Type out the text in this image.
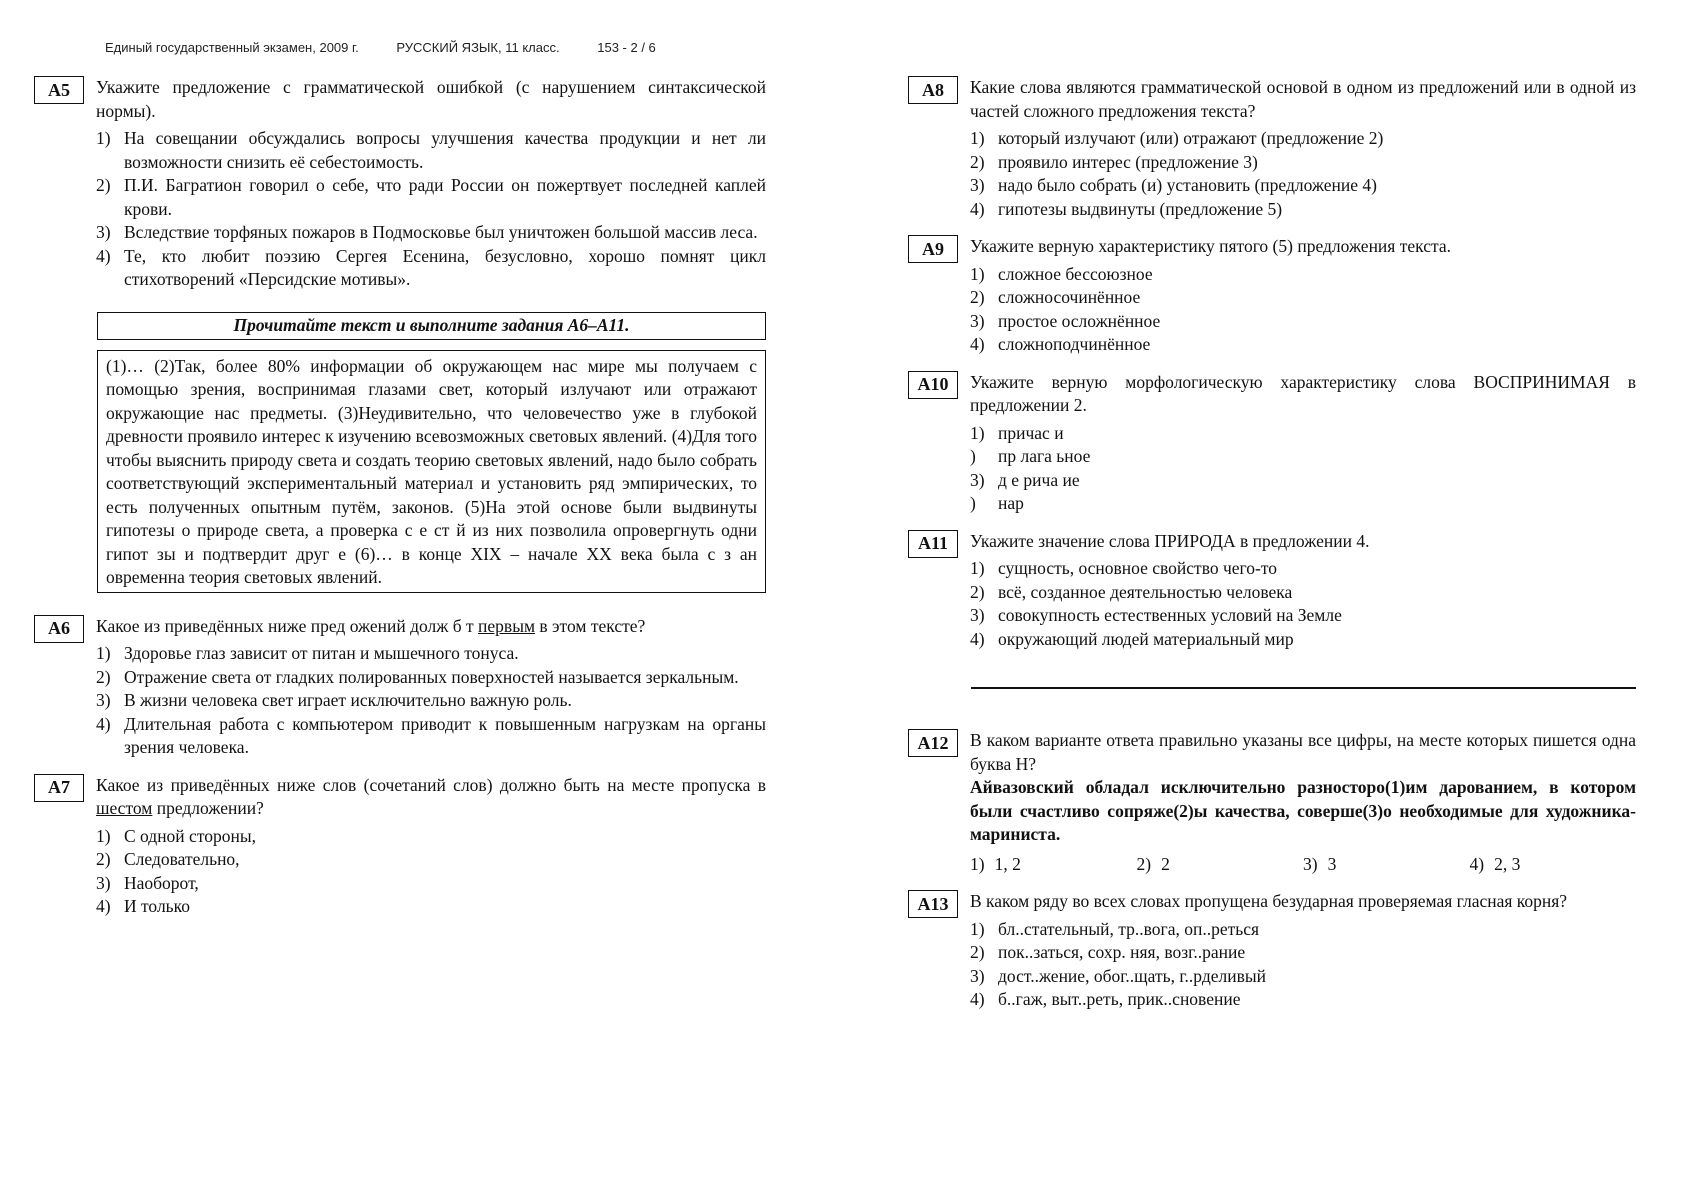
Единый государственный экзамен, 2009 г.	РУССКИЙ ЯЗЫК, 11 класс.	153 - 2 / 6
А5	Укажите предложение с грамматической ошибкой (с нарушением синтаксической нормы).
1) На совещании обсуждались вопросы улучшения качества продукции и нет ли возможности снизить её себестоимость.
2) П.И. Багратион говорил о себе, что ради России он пожертвует последней каплей крови.
3) Вследствие торфяных пожаров в Подмосковье был уничтожен большой массив леса.
4) Те, кто любит поэзию Сергея Есенина, безусловно, хорошо помнят цикл стихотворений «Персидские мотивы».
Прочитайте текст и выполните задания А6–А11.
(1)… (2)Так, более 80% информации об окружающем нас мире мы получаем с помощью зрения, воспринимая глазами свет, который излучают или отражают окружающие нас предметы. (3)Неудивительно, что человечество уже в глубокой древности проявило интерес к изучению всевозможных световых явлений. (4)Для того чтобы выяснить природу света и создать теорию световых явлений, надо было собрать соответствующий экспериментальный материал и установить ряд эмпирических, то есть полученных опытным путём, законов. (5)На этой основе были выдвинуты гипотезы о природе света, а проверка с е ст й из них позволила опровергнуть одни гипот зы и подтвердит друг е (6)… в конце XIX – начале XX века была с з ан овременна теория световых явлений.
А6	Какое из приведённых ниже пред ожений долж б т первым в этом тексте?
1) Здоровье глаз зависит от питан и мышечного тонуса.
2) Отражение света от гладких полированных поверхностей называется зеркальным.
3) В жизни человека свет играет исключительно важную роль.
4) Длительная работа с компьютером приводит к повышенным нагрузкам на органы зрения человека.
А7	Какое из приведённых ниже слов (сочетаний слов) должно быть на месте пропуска в шестом предложении?
1) С одной стороны,
2) Следовательно,
3) Наоборот,
4) И только
А8	Какие слова являются грамматической основой в одном из предложений или в одной из частей сложного предложения текста?
1) который излучают (или) отражают (предложение 2)
2) проявило интерес (предложение 3)
3) надо было собрать (и) установить (предложение 4)
4) гипотезы выдвинуты (предложение 5)
А9	Укажите верную характеристику пятого (5) предложения текста.
1) сложное бессоюзное
2) сложносочинённое
3) простое осложнённое
4) сложноподчинённое
А10	Укажите верную морфологическую характеристику слова ВОСПРИНИМАЯ в предложении 2.
1) причас и
)	пр лага ьное
3) д е рича ие
)	нар
А11	Укажите значение слова ПРИРОДА в предложении 4.
1) сущность, основное свойство чего-то
2) всё, созданное деятельностью человека
3) совокупность естественных условий на Земле
4) окружающий людей материальный мир
А12	В каком варианте ответа правильно указаны все цифры, на месте которых пишется одна буква Н?
Айвазовский обладал исключительно разносторо(1)им дарованием, в котором были счастливо сопряже(2)ы качества, соверше(3)о необходимые для художника-мариниста.
1) 1, 2	2) 2	3) 3	4) 2, 3
А13	В каком ряду во всех словах пропущена безударная проверяемая гласная корня?
1) бл..стательный, тр..вога, оп..реться
2) пок..заться, сохр. няя, возг..рание
3) дост..жение, обог..щать, г..рделивый
4) б..гаж, выт..реть, прик..сновение
